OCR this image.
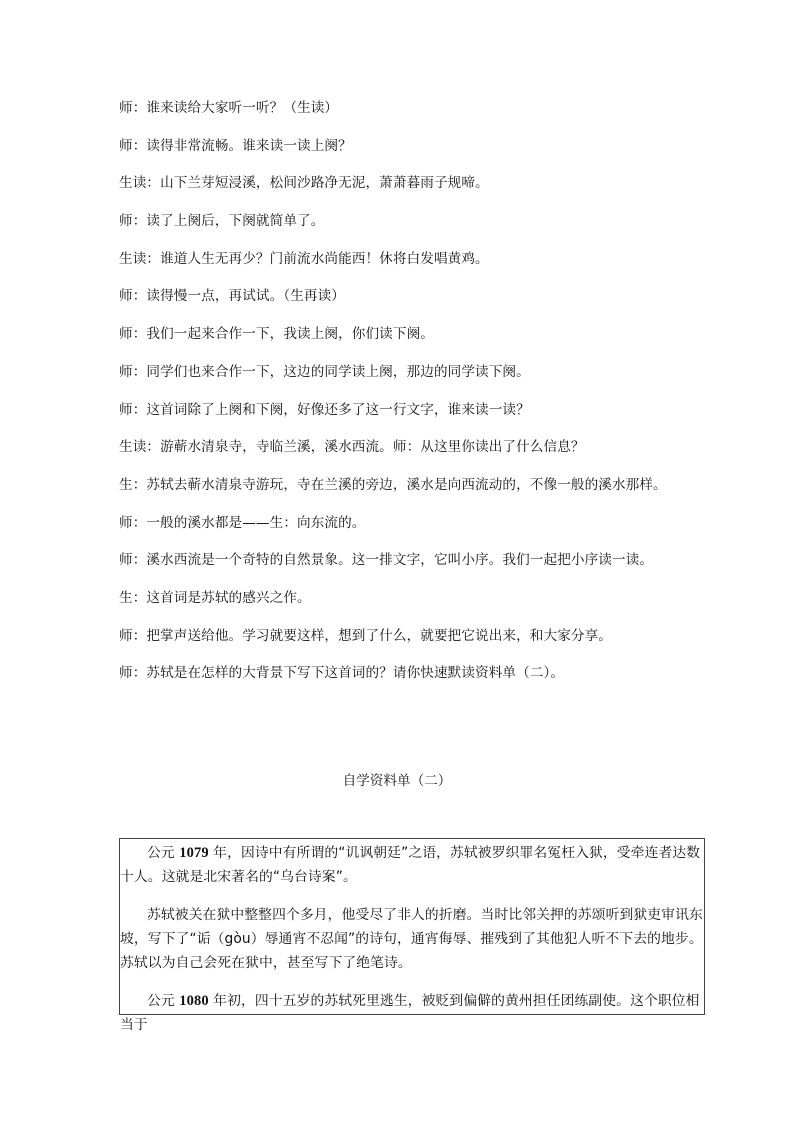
师：谁来读给大家听一听？（生读）
师：读得非常流畅。谁来读一读上阕？
生读：山下兰芽短浸溪，松间沙路净无泥，萧萧暮雨子规啼。
师：读了上阕后，下阕就简单了。
生读：谁道人生无再少？门前流水尚能西！休将白发唱黄鸡。
师：读得慢一点，再试试。（生再读）
师：我们一起来合作一下，我读上阕，你们读下阕。
师：同学们也来合作一下，这边的同学读上阕，那边的同学读下阕。
师：这首词除了上阕和下阕，好像还多了这一行文字，谁来读一读？
生读：游蕲水清泉寺，寺临兰溪，溪水西流。师：从这里你读出了什么信息？
生：苏轼去蕲水清泉寺游玩，寺在兰溪的旁边，溪水是向西流动的，不像一般的溪水那样。
师：一般的溪水都是——生：向东流的。
师：溪水西流是一个奇特的自然景象。这一排文字，它叫小序。我们一起把小序读一读。
生：这首词是苏轼的感兴之作。
师：把掌声送给他。学习就要这样，想到了什么，就要把它说出来，和大家分享。
师：苏轼是在怎样的大背景下写下这首词的？请你快速默读资料单（二）。
自学资料单（二）

公元 1079 年，因诗中有所谓的“讥讽朝廷”之语，苏轼被罗织罪名冤枉入狱，受牵连者达数十人。这就是北宋著名的“乌台诗案”。

苏轼被关在狱中整整四个多月，他受尽了非人的折磨。当时比邻关押的苏颂听到狱吏审讯东坡，写下了“诟（gòu）辱通宵不忍闻”的诗句，通宵侮辱、摧残到了其他犯人听不下去的地步。苏轼以为自己会死在狱中，甚至写下了绝笔诗。

公元 1080 年初，四十五岁的苏轼死里逃生，被贬到偏僻的黄州担任团练副使。这个职位相当于
